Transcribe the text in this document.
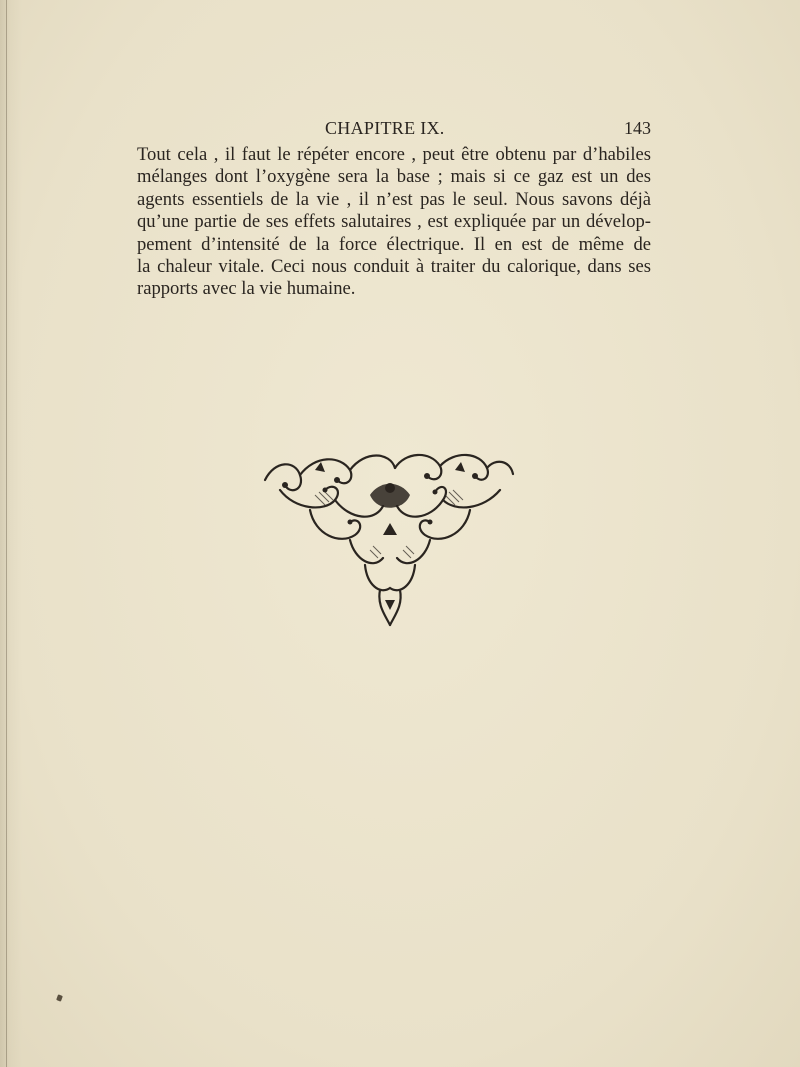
CHAPITRE IX.	143
Tout cela , il faut le répéter encore , peut être obtenu par d’habiles
mélanges dont l’oxygène sera la base ; mais si ce gaz est un des
agents essentiels de la vie , il n’est pas le seul. Nous savons déjà
qu’une partie de ses effets salutaires , est expliquée par un dévelop-
pement d’intensité de la force électrique. Il en est de même de
la chaleur vitale. Ceci nous conduit à traiter du calorique, dans ses
rapports avec la vie humaine.
